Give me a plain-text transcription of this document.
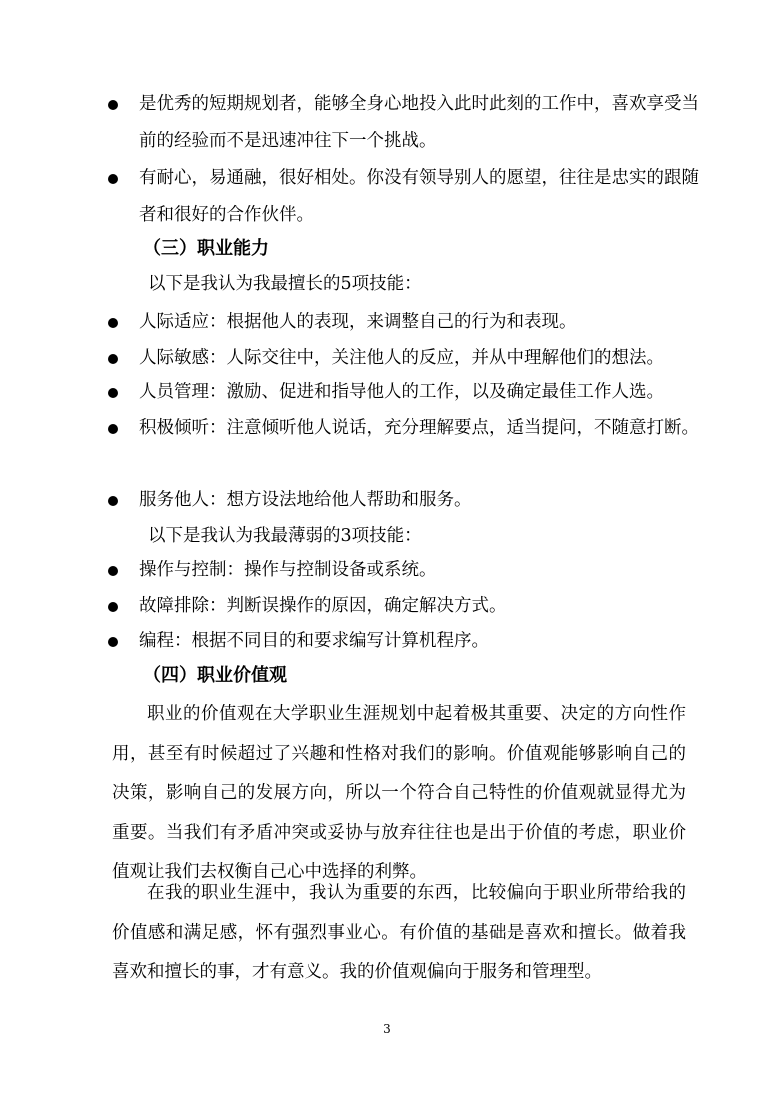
是优秀的短期规划者，能够全身心地投入此时此刻的工作中，喜欢享受当前的经验而不是迅速冲往下一个挑战。
有耐心，易通融，很好相处。你没有领导别人的愿望，往往是忠实的跟随者和很好的合作伙伴。
（三）职业能力
以下是我认为我最擅长的5项技能：
人际适应：根据他人的表现，来调整自己的行为和表现。
人际敏感：人际交往中，关注他人的反应，并从中理解他们的想法。
人员管理：激励、促进和指导他人的工作，以及确定最佳工作人选。
积极倾听：注意倾听他人说话，充分理解要点，适当提问，不随意打断。
服务他人：想方设法地给他人帮助和服务。
以下是我认为我最薄弱的3项技能：
操作与控制：操作与控制设备或系统。
故障排除：判断误操作的原因，确定解决方式。
编程：根据不同目的和要求编写计算机程序。
（四）职业价值观
职业的价值观在大学职业生涯规划中起着极其重要、决定的方向性作用，甚至有时候超过了兴趣和性格对我们的影响。价值观能够影响自己的决策，影响自己的发展方向，所以一个符合自己特性的价值观就显得尤为重要。当我们有矛盾冲突或妥协与放弃往往也是出于价值的考虑，职业价值观让我们去权衡自己心中选择的利弊。
在我的职业生涯中，我认为重要的东西，比较偏向于职业所带给我的价值感和满足感，怀有强烈事业心。有价值的基础是喜欢和擅长。做着我喜欢和擅长的事，才有意义。我的价值观偏向于服务和管理型。
3
